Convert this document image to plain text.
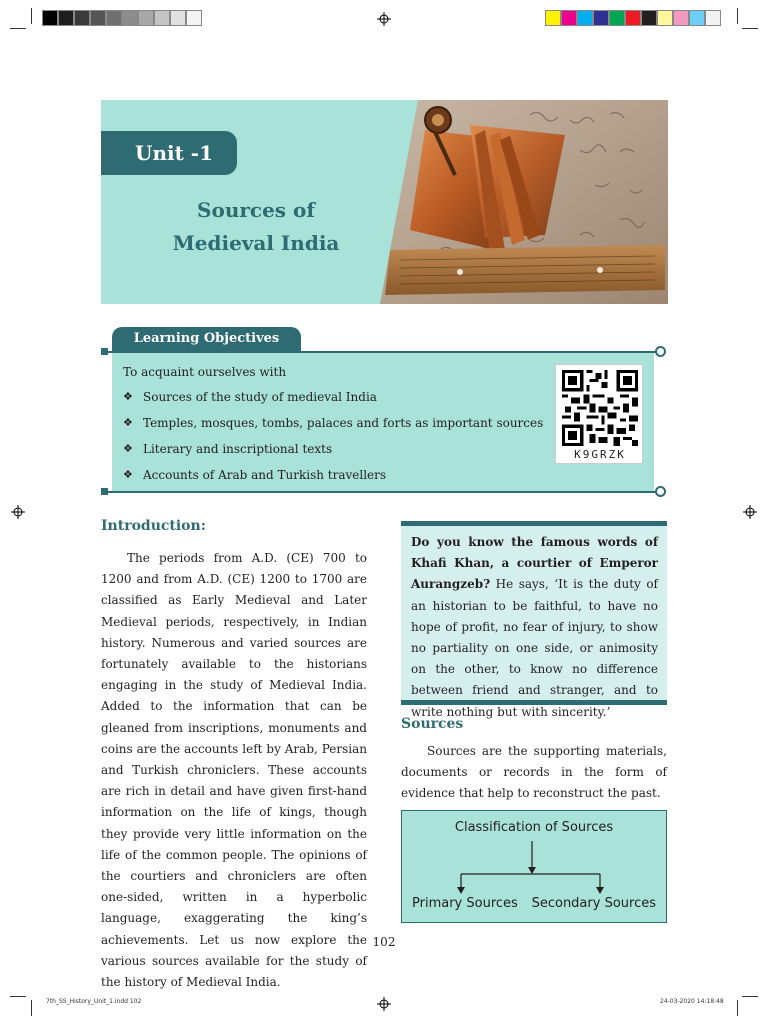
Unit -1
Sources of
Medieval India
Learning Objectives
To acquaint ourselves with
❖ Sources of the study of medieval India
❖ Temples, mosques, tombs, palaces and forts as important sources
❖ Literary and inscriptional texts
❖ Accounts of Arab and Turkish travellers
K9GRZK
Introduction:

The periods from A.D. (CE) 700 to 1200 and from A.D. (CE) 1200 to 1700 are classified as Early Medieval and Later Medieval periods, respectively, in Indian history. Numerous and varied sources are fortunately available to the historians engaging in the study of Medieval India. Added to the information that can be gleaned from inscriptions, monuments and coins are the accounts left by Arab, Persian and Turkish chroniclers. These accounts are rich in detail and have given first-hand information on the life of kings, though they provide very little information on the life of the common people. The opinions of the courtiers and chroniclers are often one-sided, written in a hyperbolic language, exaggerating the king’s achievements. Let us now explore the various sources available for the study of the history of Medieval India.

Do you know the famous words of Khafi Khan, a courtier of Emperor Aurangzeb? He says, ‘It is the duty of an historian to be faithful, to have no hope of profit, no fear of injury, to show no partiality on one side, or animosity on the other, to know no difference between friend and stranger, and to write nothing but with sincerity.’
Sources

Sources are the supporting materials, documents or records in the form of evidence that help to reconstruct the past.

Classification of Sources
Primary Sources Secondary Sources
102
7th_SS_History_Unit_1.indd 102	24-03-2020 14:18:48
